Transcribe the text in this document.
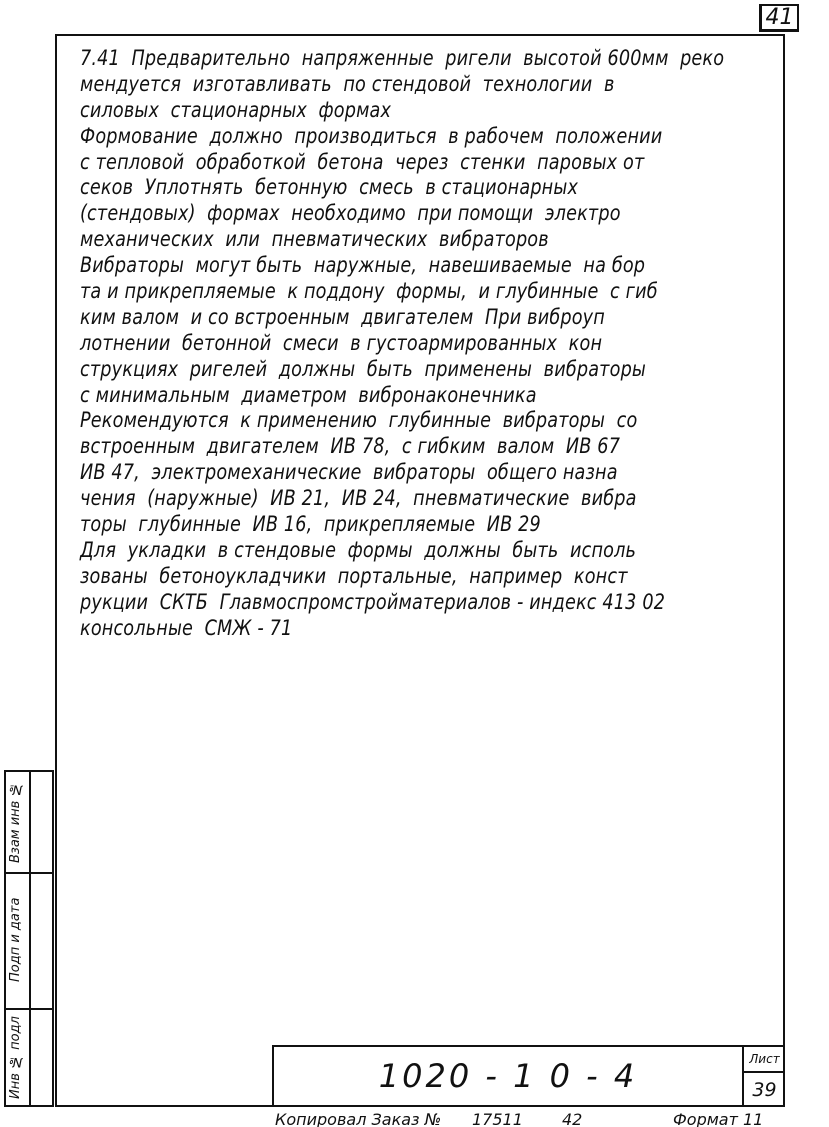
41
7.41  Предварительно  напряженные  ригели  высотой 600мм  реко
мендуется  изготавливать  по стендовой  технологии  в
силовых  стационарных  формах
Формование  должно  производиться  в рабочем  положении
с тепловой  обработкой  бетона  через  стенки  паровых от
секов  Уплотнять  бетонную  смесь  в стационарных
(стендовых)  формах  необходимо  при помощи  электро
механических  или  пневматических  вибраторов
Вибраторы  могут быть  наружные,  навешиваемые  на бор
та и прикрепляемые  к поддону  формы,  и глубинные  с гиб
ким валом  и со встроенным  двигателем  При виброуп
лотнении  бетонной  смеси  в густоармированных  кон
струкциях  ригелей  должны  быть  применены  вибраторы
с минимальным  диаметром  вибронаконечника
Рекомендуются  к применению  глубинные  вибраторы  со
встроенным  двигателем  ИВ 78,  с гибким  валом  ИВ 67
ИВ 47,  электромеханические  вибраторы  общего назна
чения  (наружные)  ИВ 21,  ИВ 24,  пневматические  вибра
торы  глубинные  ИВ 16,  прикрепляемые  ИВ 29
Для  укладки  в стендовые  формы  должны  быть  исполь
зованы  бетоноукладчики  портальные,  например  конст
рукции  СКТБ  Главмоспромстройматериалов - индекс 413 02
консольные  СМЖ - 71
Инв № подл
Подп и дата
Взам инв №
1020 - 1 0 - 4	Лист
39
Копировал Заказ № 17511 42	Формат 11
